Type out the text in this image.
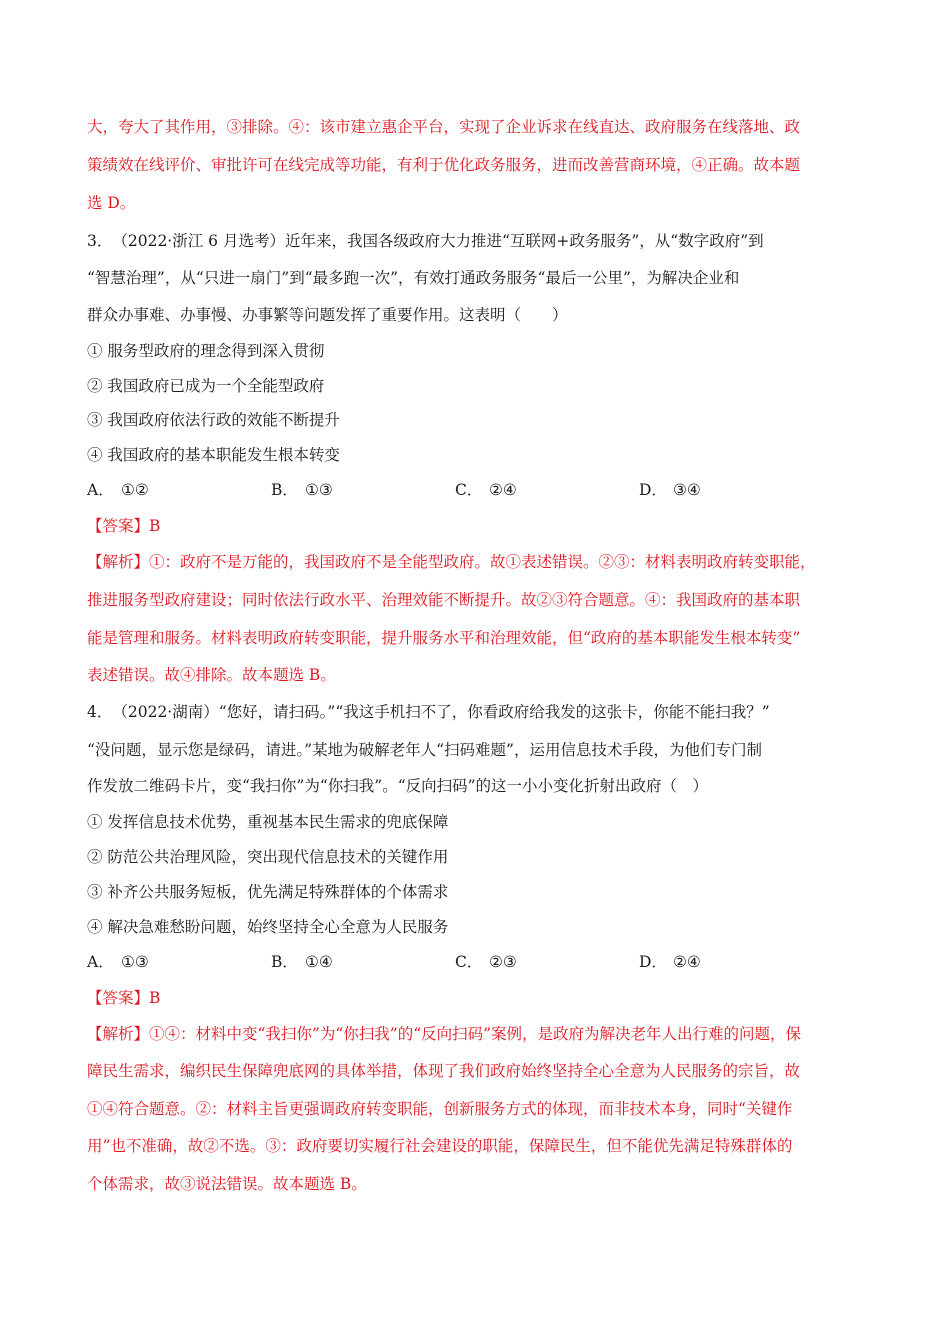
大，夸大了其作用，③排除。④：该市建立惠企平台，实现了企业诉求在线直达、政府服务在线落地、政
策绩效在线评价、审批许可在线完成等功能，有利于优化政务服务，进而改善营商环境，④正确。故本题
选 D。
3．　（2022·浙江 6 月选考）近年来，我国各级政府大力推进“互联网+政务服务”，从“数字政府”到
“智慧治理”，从“只进一扇门”到“最多跑一次”，有效打通政务服务“最后一公里”，为解决企业和
群众办事难、办事慢、办事繁等问题发挥了重要作用。这表明（　　）
① 服务型政府的理念得到深入贯彻
② 我国政府已成为一个全能型政府
③ 我国政府依法行政的效能不断提升
④ 我国政府的基本职能发生根本转变
A． ①②	B． ①③	C． ②④	D． ③④
【答案】B
【解析】①：政府不是万能的，我国政府不是全能型政府。故①表述错误。②③：材料表明政府转变职能，
推进服务型政府建设；同时依法行政水平、治理效能不断提升。故②③符合题意。④：我国政府的基本职
能是管理和服务。材料表明政府转变职能，提升服务水平和治理效能，但“政府的基本职能发生根本转变”
表述错误。故④排除。故本题选 B。
4．　（2022·湖南）“您好，请扫码。”“我这手机扫不了，你看政府给我发的这张卡，你能不能扫我？”
“没问题，显示您是绿码，请进。”某地为破解老年人“扫码难题”，运用信息技术手段，为他们专门制
作发放二维码卡片，变“我扫你”为“你扫我”。“反向扫码”的这一小小变化折射出政府（　）
① 发挥信息技术优势，重视基本民生需求的兜底保障
② 防范公共治理风险，突出现代信息技术的关键作用
③ 补齐公共服务短板，优先满足特殊群体的个体需求
④ 解决急难愁盼问题，始终坚持全心全意为人民服务
A． ①③	B． ①④	C． ②③	D． ②④
【答案】B
【解析】①④：材料中变“我扫你”为“你扫我”的“反向扫码”案例，是政府为解决老年人出行难的问题，保
障民生需求，编织民生保障兜底网的具体举措，体现了我们政府始终坚持全心全意为人民服务的宗旨，故
①④符合题意。②：材料主旨更强调政府转变职能，创新服务方式的体现，而非技术本身，同时“关键作
用”也不准确，故②不选。③：政府要切实履行社会建设的职能，保障民生，但不能优先满足特殊群体的
个体需求，故③说法错误。故本题选 B。
